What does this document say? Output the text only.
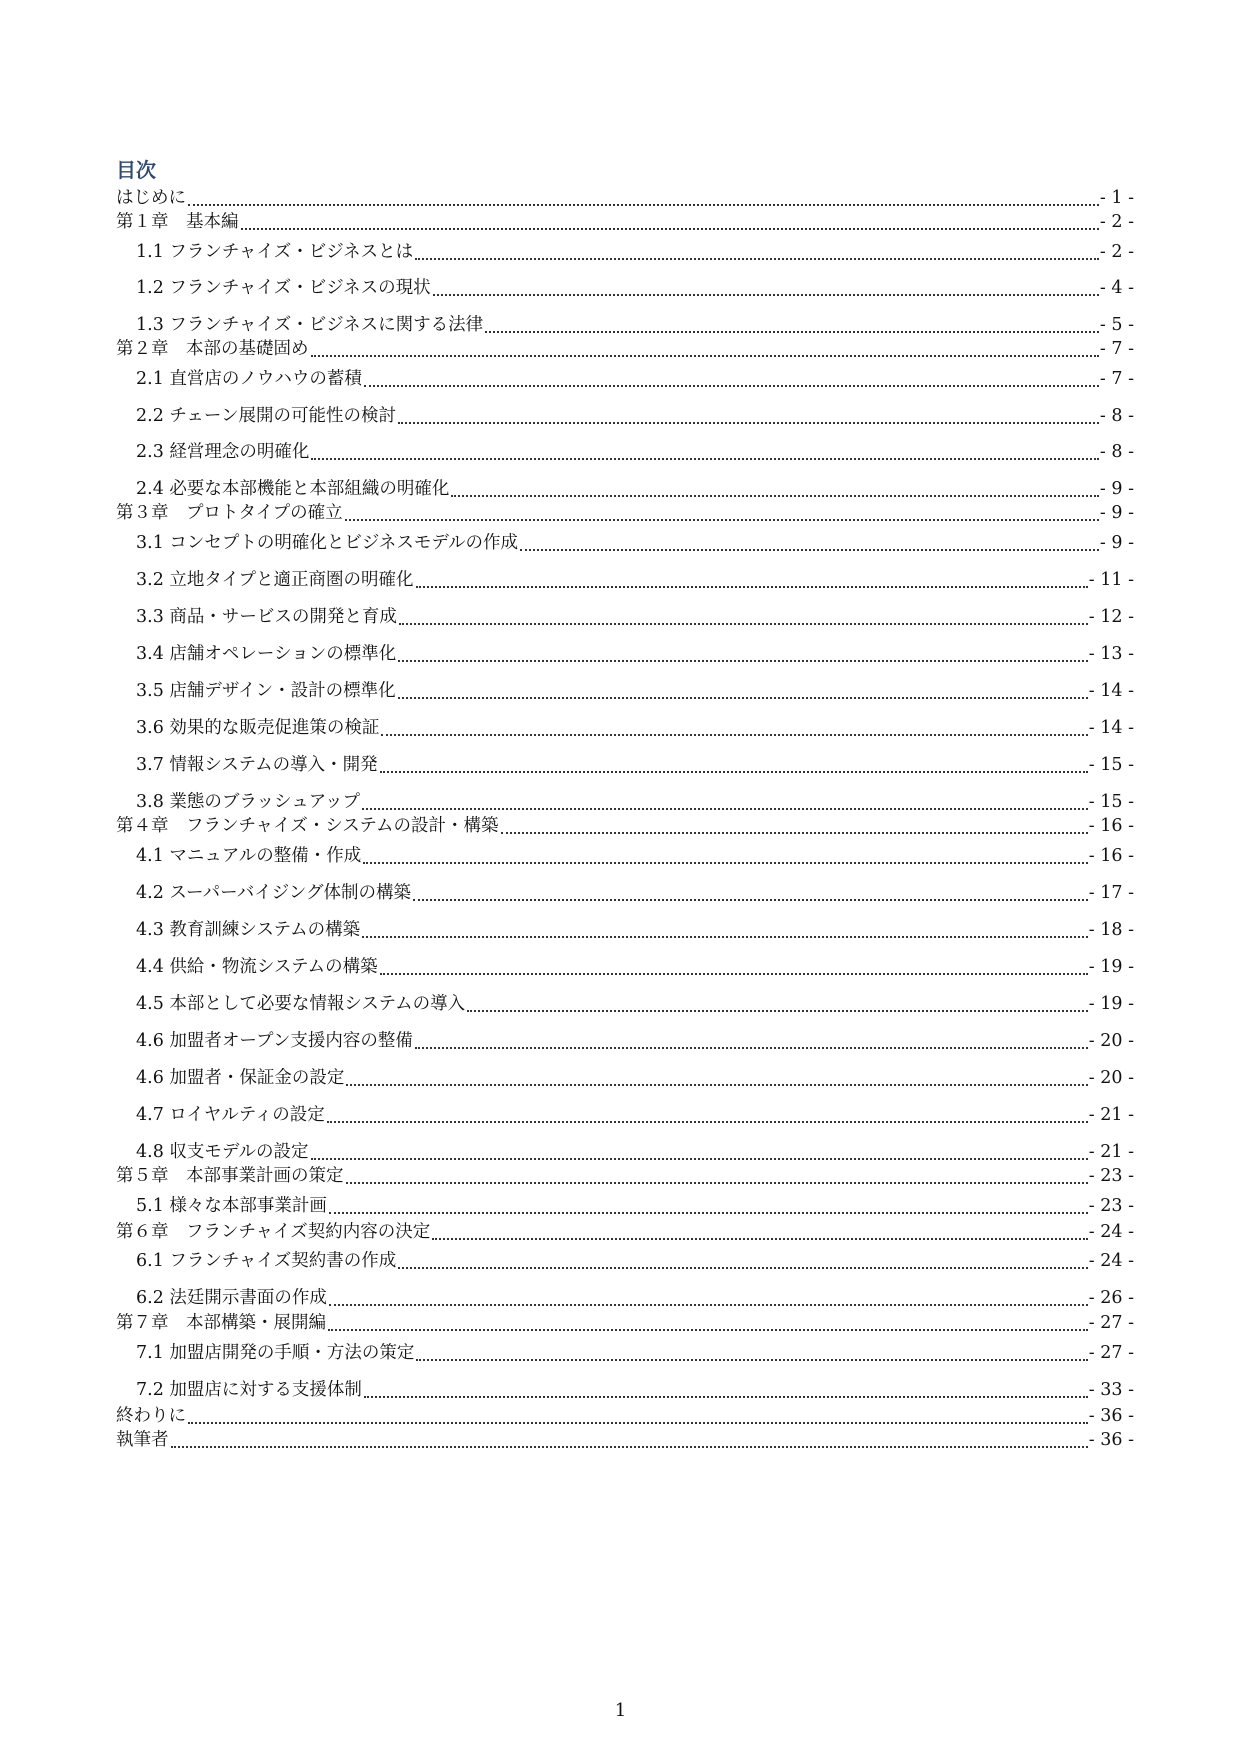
目次
はじめに	- 1 -
第１章　基本編	- 2 -
1.1 フランチャイズ・ビジネスとは	- 2 -
1.2 フランチャイズ・ビジネスの現状	- 4 -
1.3 フランチャイズ・ビジネスに関する法律	- 5 -
第２章　本部の基礎固め	- 7 -
2.1 直営店のノウハウの蓄積	- 7 -
2.2 チェーン展開の可能性の検討	- 8 -
2.3 経営理念の明確化	- 8 -
2.4 必要な本部機能と本部組織の明確化	- 9 -
第３章　プロトタイプの確立	- 9 -
3.1 コンセプトの明確化とビジネスモデルの作成	- 9 -
3.2 立地タイプと適正商圏の明確化	- 11 -
3.3 商品・サービスの開発と育成	- 12 -
3.4 店舗オペレーションの標準化	- 13 -
3.5 店舗デザイン・設計の標準化	- 14 -
3.6 効果的な販売促進策の検証	- 14 -
3.7 情報システムの導入・開発	- 15 -
3.8 業態のブラッシュアップ	- 15 -
第４章　フランチャイズ・システムの設計・構築	- 16 -
4.1 マニュアルの整備・作成	- 16 -
4.2 スーパーバイジング体制の構築	- 17 -
4.3 教育訓練システムの構築	- 18 -
4.4 供給・物流システムの構築	- 19 -
4.5 本部として必要な情報システムの導入	- 19 -
4.6 加盟者オープン支援内容の整備	- 20 -
4.6 加盟者・保証金の設定	- 20 -
4.7 ロイヤルティの設定	- 21 -
4.8 収支モデルの設定	- 21 -
第５章　本部事業計画の策定	- 23 -
5.1 様々な本部事業計画	- 23 -
第６章　フランチャイズ契約内容の決定	- 24 -
6.1 フランチャイズ契約書の作成	- 24 -
6.2 法廷開示書面の作成	- 26 -
第７章　本部構築・展開編	- 27 -
7.1 加盟店開発の手順・方法の策定	- 27 -
7.2 加盟店に対する支援体制	- 33 -
終わりに	- 36 -
執筆者	- 36 -
1
